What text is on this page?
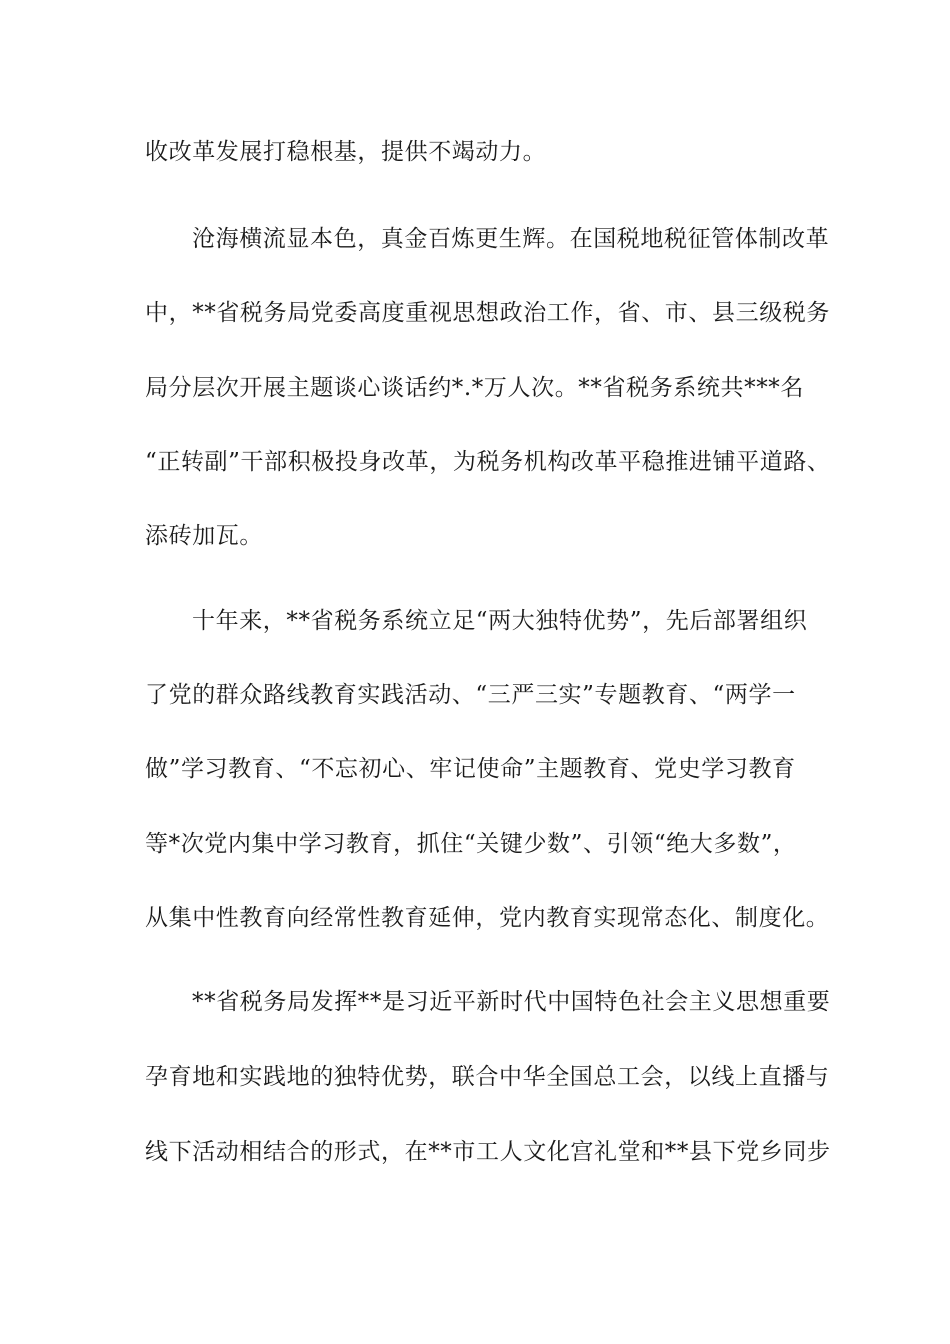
收改革发展打稳根基，提供不竭动力。

沧海横流显本色，真金百炼更生辉。在国税地税征管体制改革

中，**省税务局党委高度重视思想政治工作，省、市、县三级税务

局分层次开展主题谈心谈话约*.*万人次。**省税务系统共***名

“正转副”干部积极投身改革，为税务机构改革平稳推进铺平道路、

添砖加瓦。

十年来，**省税务系统立足“两大独特优势”，先后部署组织

了党的群众路线教育实践活动、“三严三实”专题教育、“两学一

做”学习教育、“不忘初心、牢记使命”主题教育、党史学习教育

等*次党内集中学习教育，抓住“关键少数”、引领“绝大多数”，

从集中性教育向经常性教育延伸，党内教育实现常态化、制度化。

**省税务局发挥**是习近平新时代中国特色社会主义思想重要

孕育地和实践地的独特优势，联合中华全国总工会，以线上直播与

线下活动相结合的形式，在**市工人文化宫礼堂和**县下党乡同步
